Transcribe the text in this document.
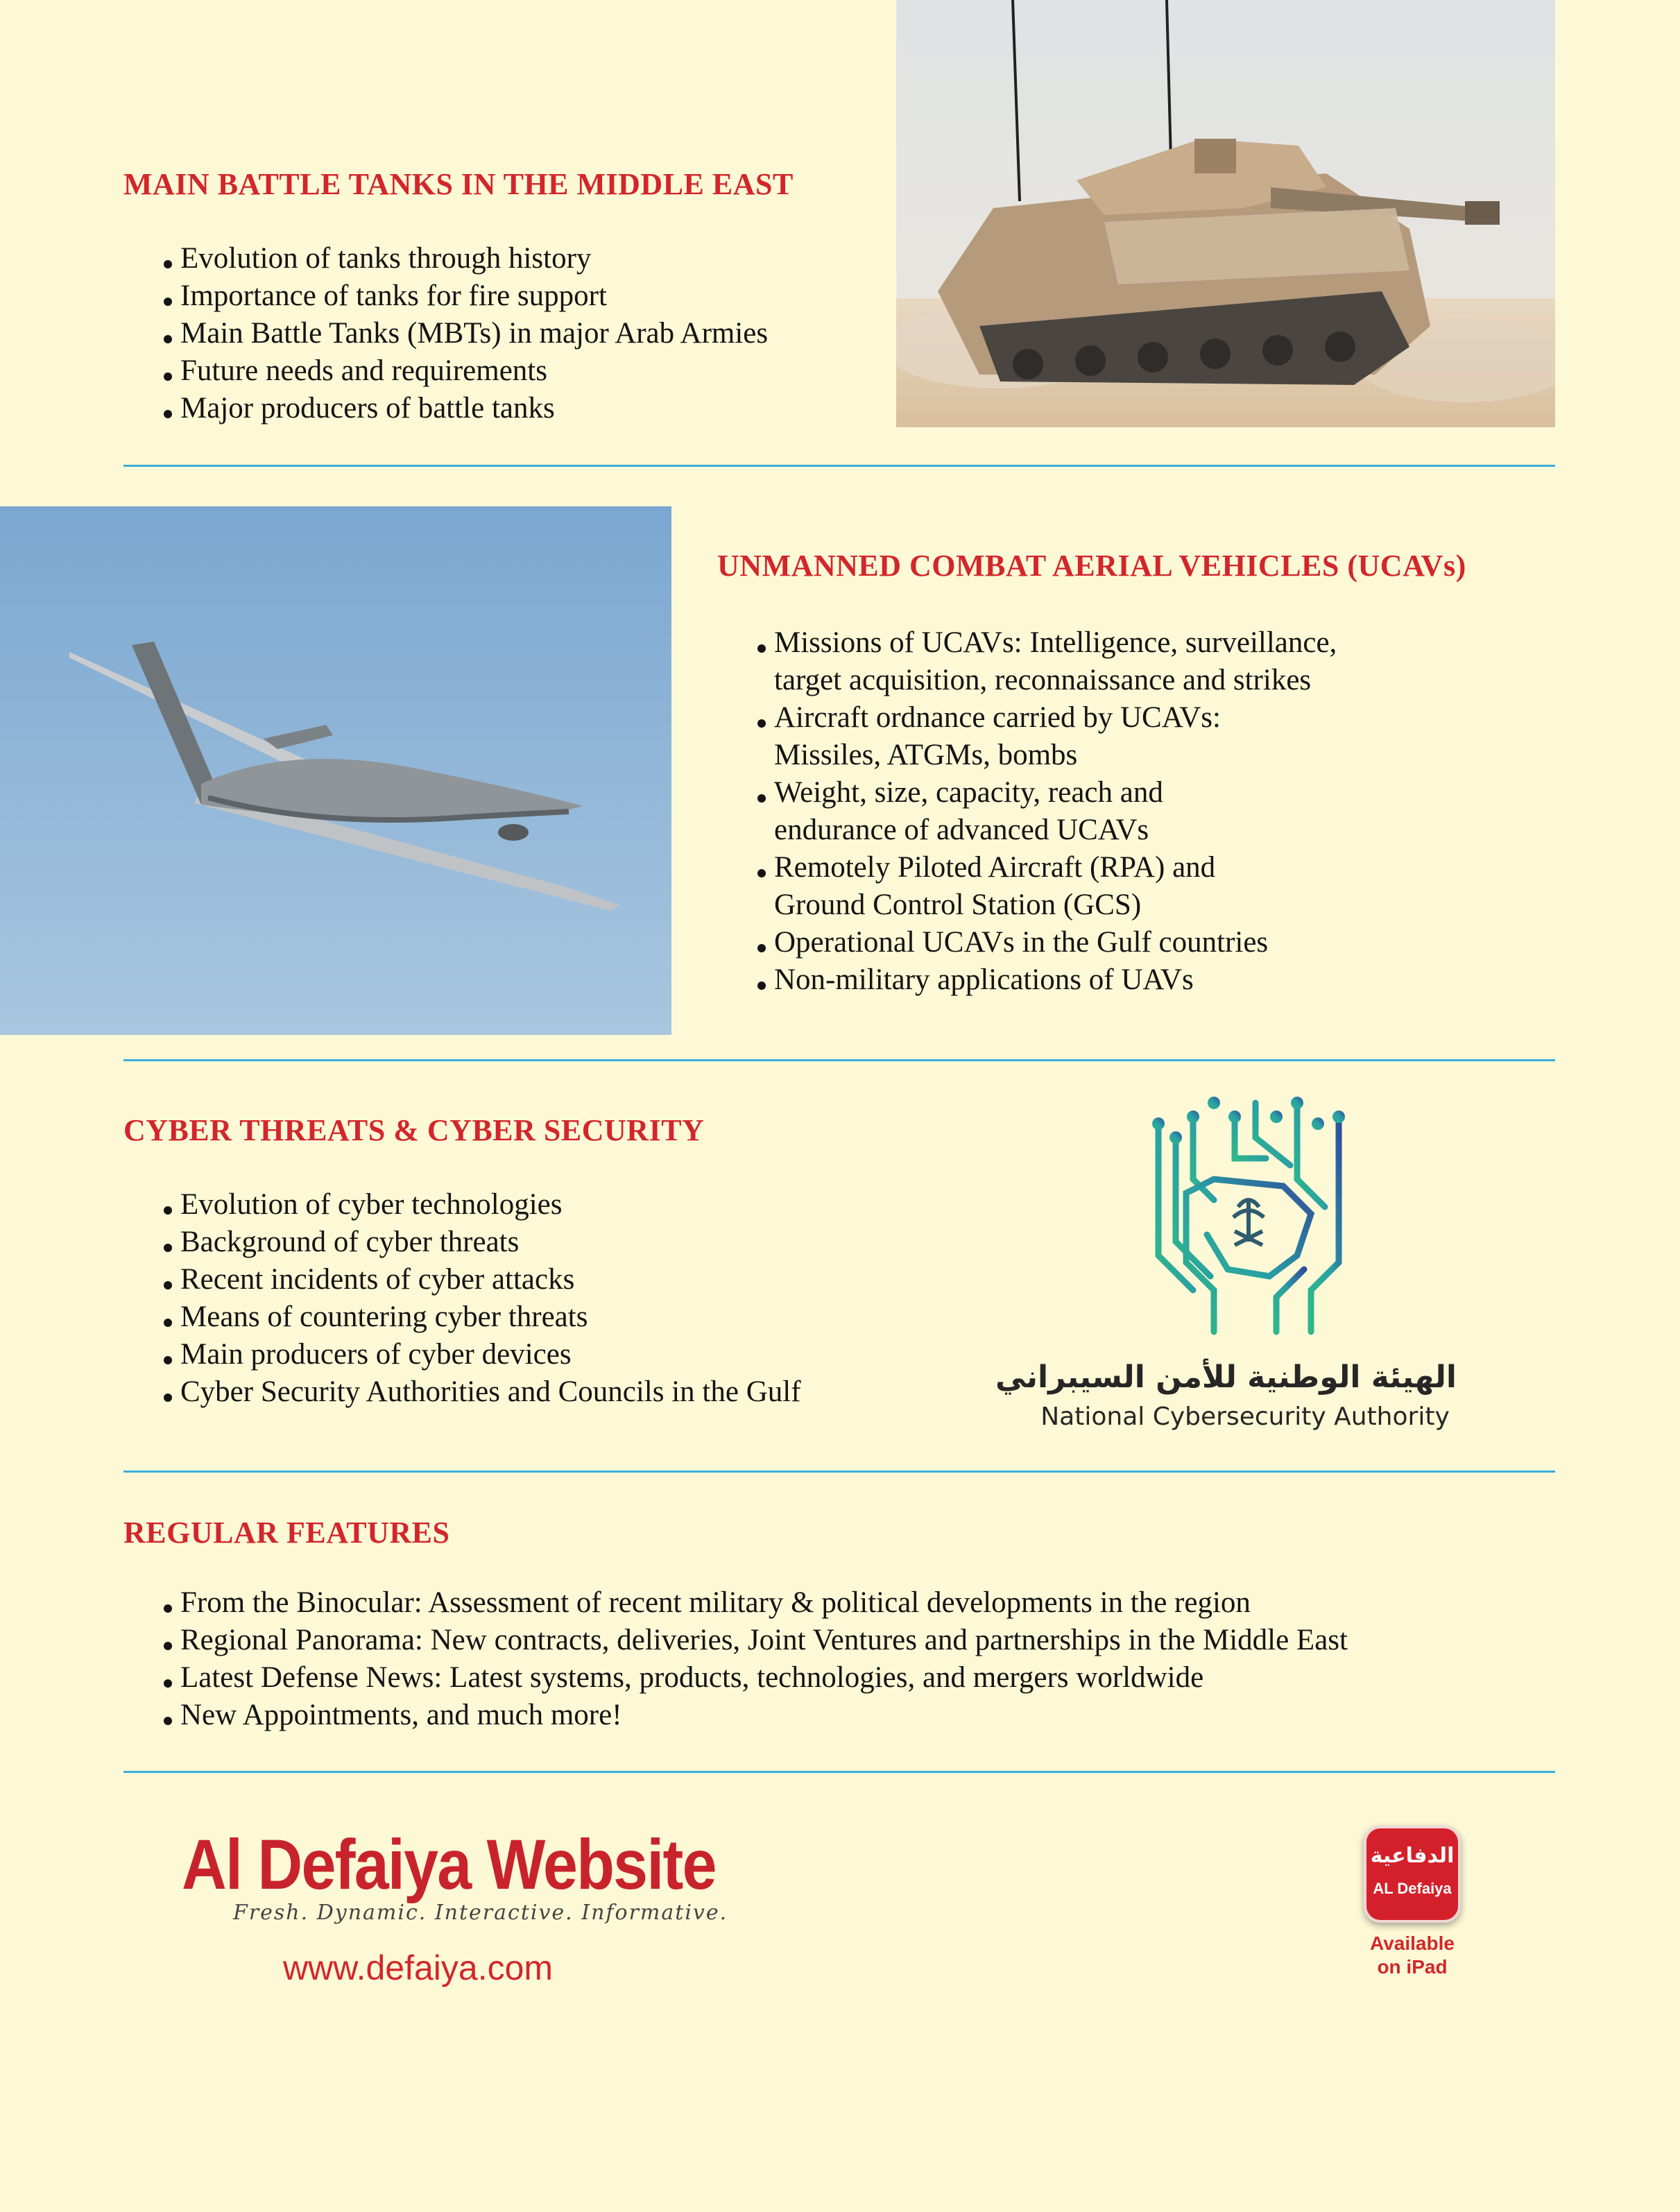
MAIN BATTLE TANKS IN THE MIDDLE EAST
Evolution of tanks through history
Importance of tanks for fire support
Main Battle Tanks (MBTs) in major Arab Armies
Future needs and requirements
Major producers of battle tanks
UNMANNED COMBAT AERIAL VEHICLES (UCAVs)
Missions of UCAVs: Intelligence, surveillance,
target acquisition, reconnaissance and strikes
Aircraft ordnance carried by UCAVs:
Missiles, ATGMs, bombs
Weight, size, capacity, reach and
endurance of advanced UCAVs
Remotely Piloted Aircraft (RPA) and
Ground Control Station (GCS)
Operational UCAVs in the Gulf countries
Non-military applications of UAVs
CYBER THREATS & CYBER SECURITY
Evolution of cyber technologies
Background of cyber threats
Recent incidents of cyber attacks
Means of countering cyber threats
Main producers of cyber devices
Cyber Security Authorities and Councils in the Gulf	الهيئة الوطنية للأمن السيبراني
National Cybersecurity Authority
REGULAR FEATURES
From the Binocular: Assessment of recent military & political developments in the region
Regional Panorama: New contracts, deliveries, Joint Ventures and partnerships in the Middle East
Latest Defense News: Latest systems, products, technologies, and mergers worldwide
New Appointments, and much more!
Al Defaiya Website
Fresh. Dynamic. Interactive. Informative.
www.defaiya.com
الدفاعية
AL Defaiya
Available
on iPad
